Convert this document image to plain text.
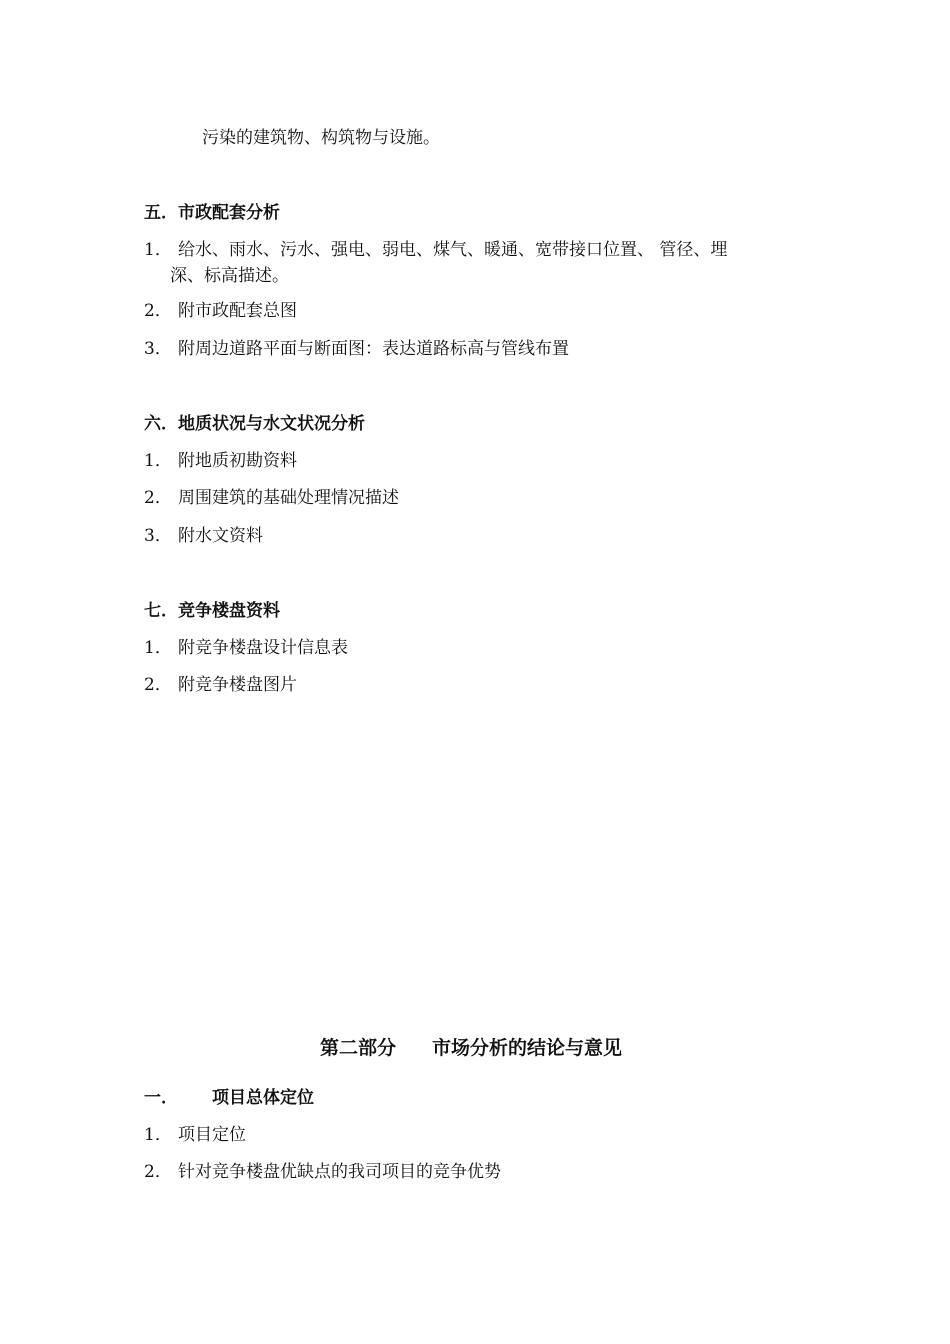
污染的建筑物、构筑物与设施。
五．市政配套分析
1． 给水、雨水、污水、强电、弱电、煤气、暖通、宽带接口位置、 管径、埋
深、标高描述。
2． 附市政配套总图
3． 附周边道路平面与断面图：表达道路标高与管线布置
六．地质状况与水文状况分析
1． 附地质初勘资料
2． 周围建筑的基础处理情况描述
3． 附水文资料
七．竞争楼盘资料
1． 附竞争楼盘设计信息表
2． 附竞争楼盘图片
第二部分 市场分析的结论与意见
一． 项目总体定位
1． 项目定位
2． 针对竞争楼盘优缺点的我司项目的竞争优势
